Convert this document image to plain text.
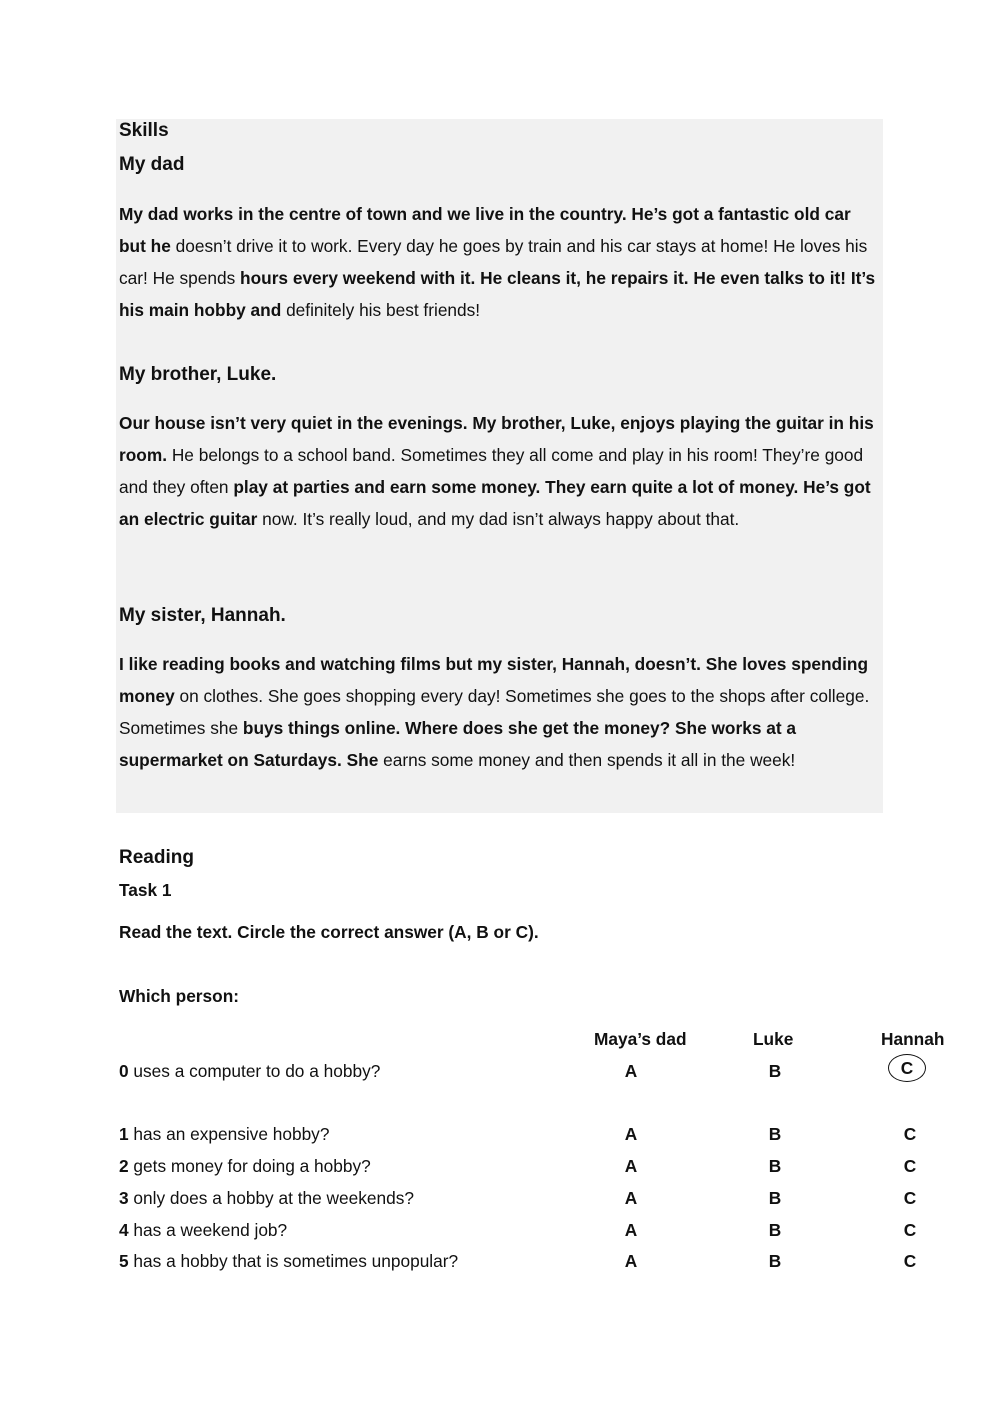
Skills
My dad

My dad works in the centre of town and we live in the country. He’s got a fantastic old car but he doesn’t drive it to work. Every day he goes by train and his car stays at home! He loves his car! He spends hours every weekend with it. He cleans it, he repairs it. He even talks to it! It’s his main hobby and definitely his best friends!

My brother, Luke.

Our house isn’t very quiet in the evenings. My brother, Luke, enjoys playing the guitar in his room. He belongs to a school band. Sometimes they all come and play in his room! They’re good and they often play at parties and earn some money. They earn quite a lot of money. He’s got an electric guitar now. It’s really loud, and my dad isn’t always happy about that.

My sister, Hannah.

I like reading books and watching films but my sister, Hannah, doesn’t. She loves spending money on clothes. She goes shopping every day! Sometimes she goes to the shops after college. Sometimes she buys things online. Where does she get the money? She works at a supermarket on Saturdays. She earns some money and then spends it all in the week!

Reading
Task 1
Read the text. Circle the correct answer (A, B or C).
Which person:
Maya’s dad	Luke	Hannah
0 uses a computer to do a hobby?	A	B	C
1 has an expensive hobby?	A	B	C
2 gets money for doing a hobby?	A	B	C
3 only does a hobby at the weekends?	A	B	C
4 has a weekend job?	A	B	C
5 has a hobby that is sometimes unpopular?	A	B	C
